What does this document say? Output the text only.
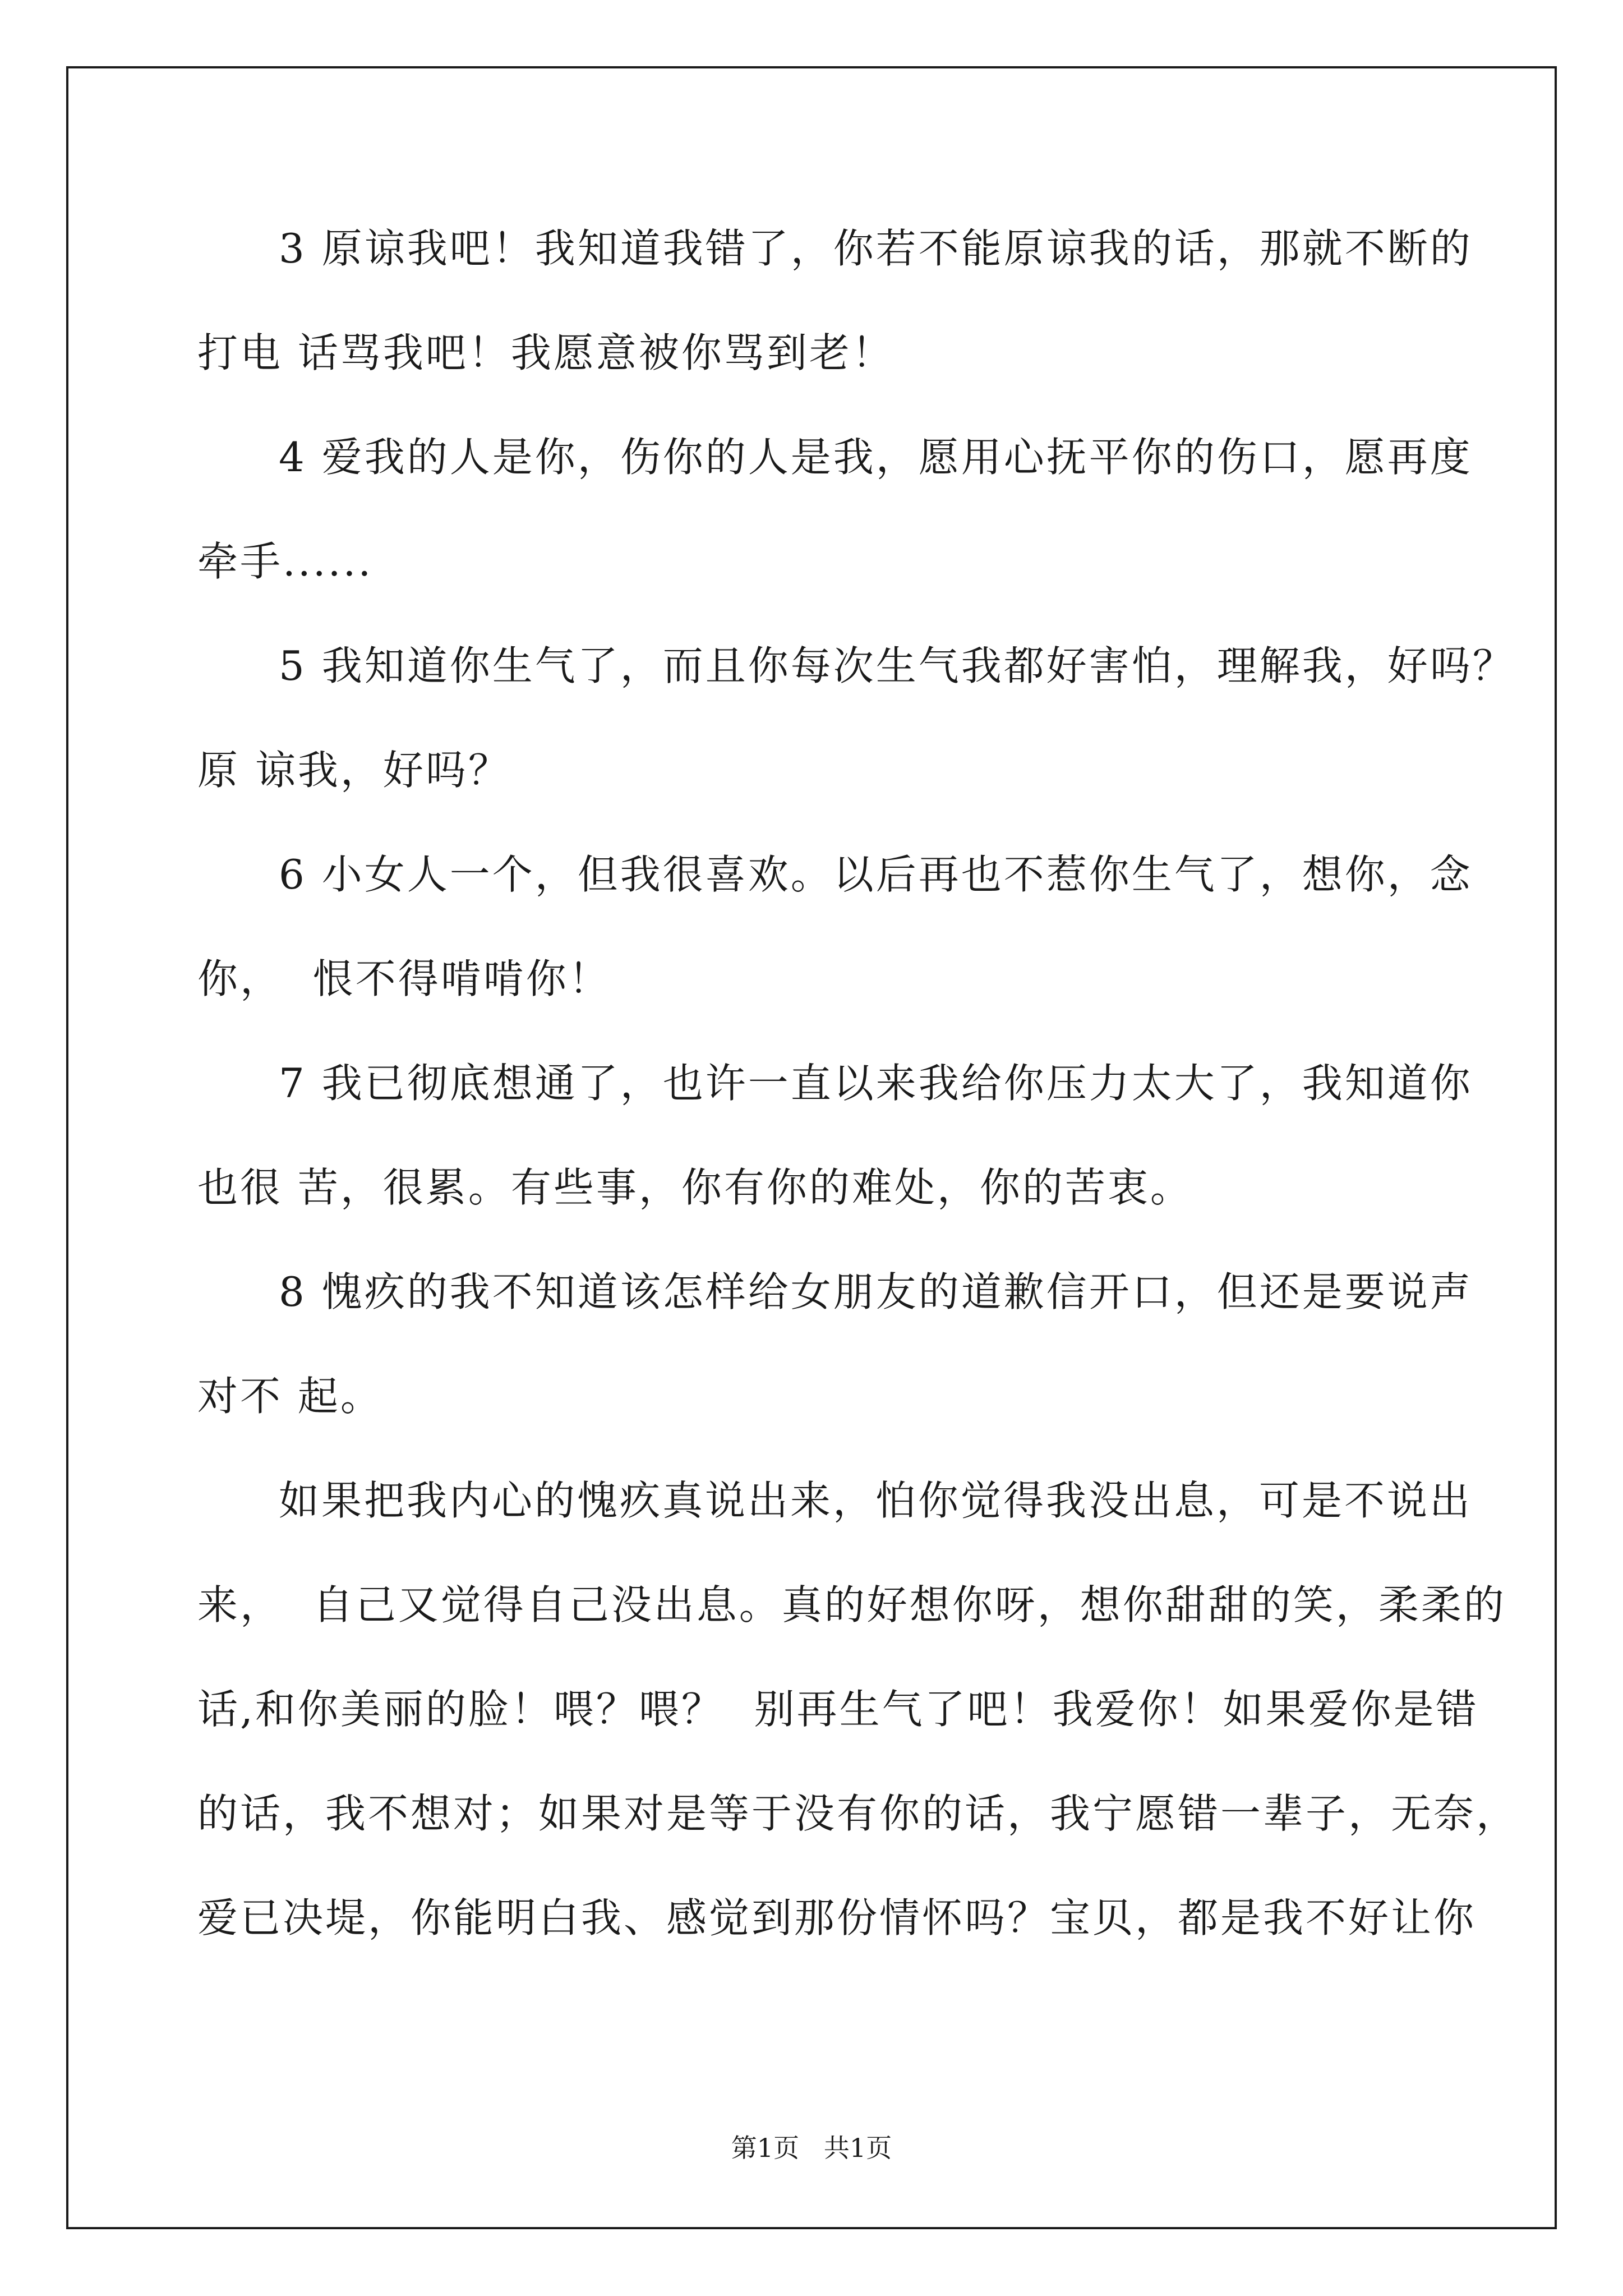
3 原谅我吧！我知道我错了，你若不能原谅我的话，那就不断的
打电 话骂我吧！我愿意被你骂到老！
4 爱我的人是你，伤你的人是我，愿用心抚平你的伤口，愿再度
牵手......
5 我知道你生气了，而且你每次生气我都好害怕，理解我，好吗？
原 谅我，好吗？
6 小女人一个，但我很喜欢。以后再也不惹你生气了，想你，念
你，  恨不得啃啃你！
7 我已彻底想通了，也许一直以来我给你压力太大了，我知道你
也很 苦，很累。有些事，你有你的难处，你的苦衷。
8 愧疚的我不知道该怎样给女朋友的道歉信开口，但还是要说声
对不 起。
如果把我内心的愧疚真说出来，怕你觉得我没出息，可是不说出
来，  自己又觉得自己没出息。真的好想你呀，想你甜甜的笑，柔柔的
话,和你美丽的脸！喂？喂？  别再生气了吧！我爱你！如果爱你是错
的话，我不想对；如果对是等于没有你的话，我宁愿错一辈子，无奈，
爱已决堤，你能明白我、感觉到那份情怀吗？宝贝，都是我不好让你
第1页   共1页
